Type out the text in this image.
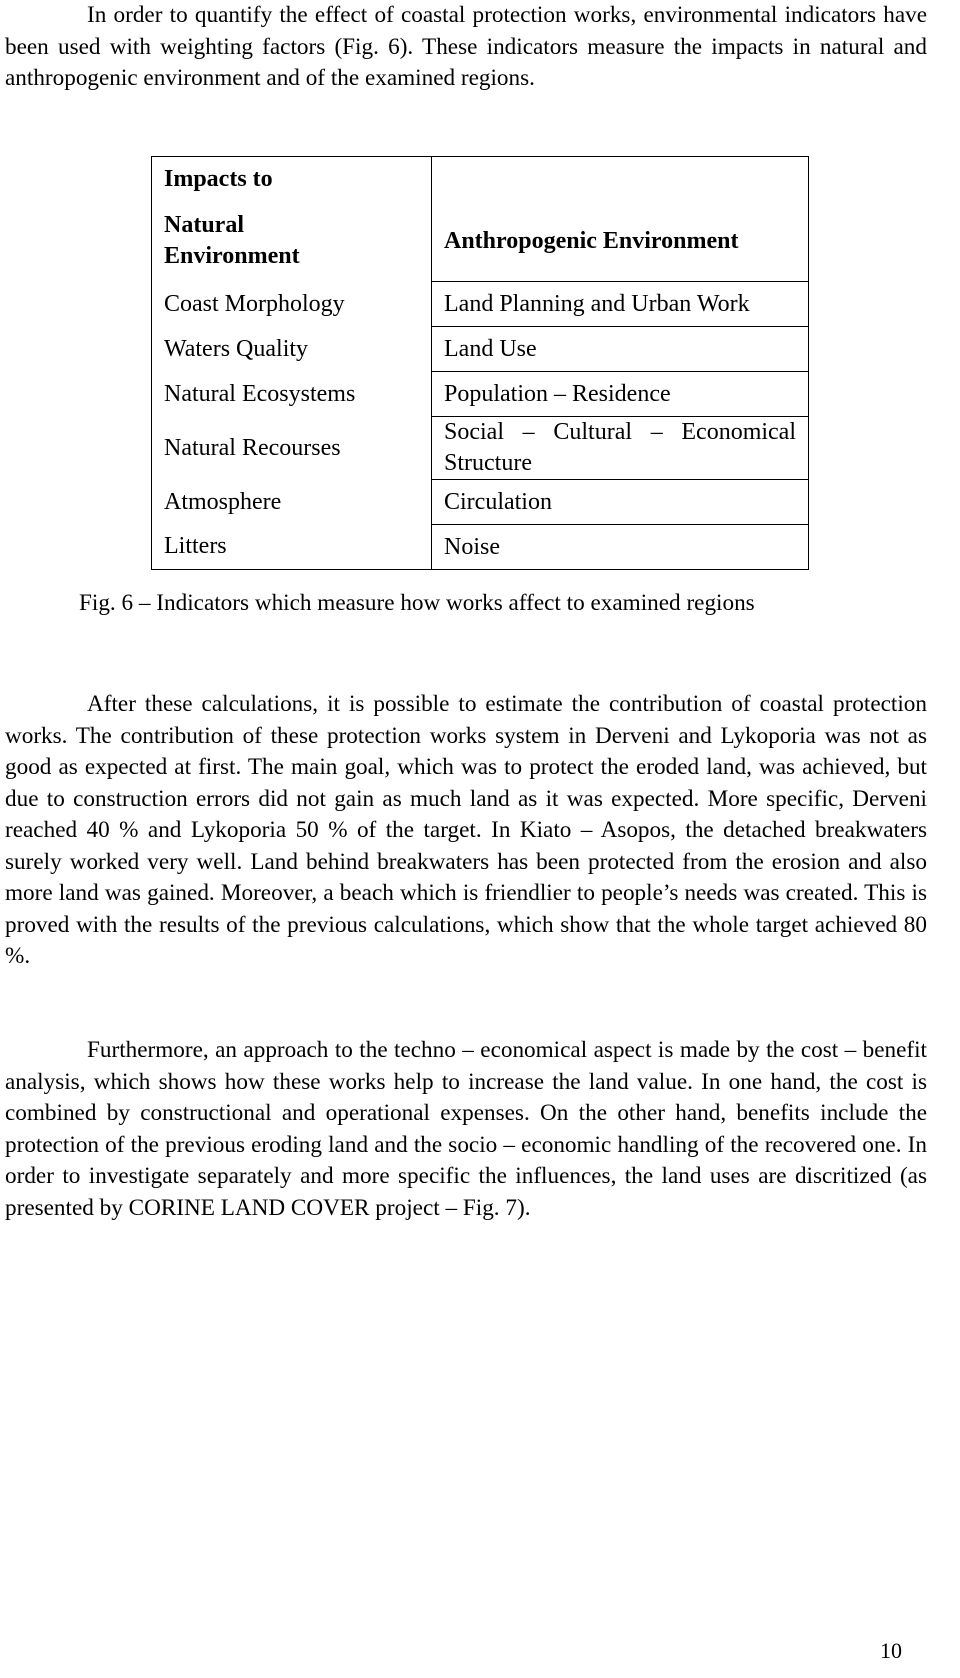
In order to quantify the effect of coastal protection works, environmental indicators have been used with weighting factors (Fig. 6). These indicators measure the impacts in natural and anthropogenic environment and of the examined regions.

Impacts to	

Natural
Environment	Anthropogenic Environment
Coast Morphology	Land Planning and Urban Work
Waters Quality	Land Use
Natural Ecosystems	Population – Residence
Natural Recourses	Social – Cultural – Economical Structure
Atmosphere	Circulation
Litters	Noise

Fig. 6 – Indicators which measure how works affect to examined regions

After these calculations, it is possible to estimate the contribution of coastal protection works. The contribution of these protection works system in Derveni and Lykoporia was not as good as expected at first. The main goal, which was to protect the eroded land, was achieved, but due to construction errors did not gain as much land as it was expected. More specific, Derveni reached 40 % and Lykoporia 50 % of the target. In Kiato – Asopos, the detached breakwaters surely worked very well. Land behind breakwaters has been protected from the erosion and also more land was gained. Moreover, a beach which is friendlier to people’s needs was created. This is proved with the results of the previous calculations, which show that the whole target achieved 80 %.

Furthermore, an approach to the techno – economical aspect is made by the cost – benefit analysis, which shows how these works help to increase the land value. In one hand, the cost is combined by constructional and operational expenses. On the other hand, benefits include the protection of the previous eroding land and the socio – economic handling of the recovered one. In order to investigate separately and more specific the influences, the land uses are discritized (as presented by CORINE LAND COVER project – Fig. 7).

10
